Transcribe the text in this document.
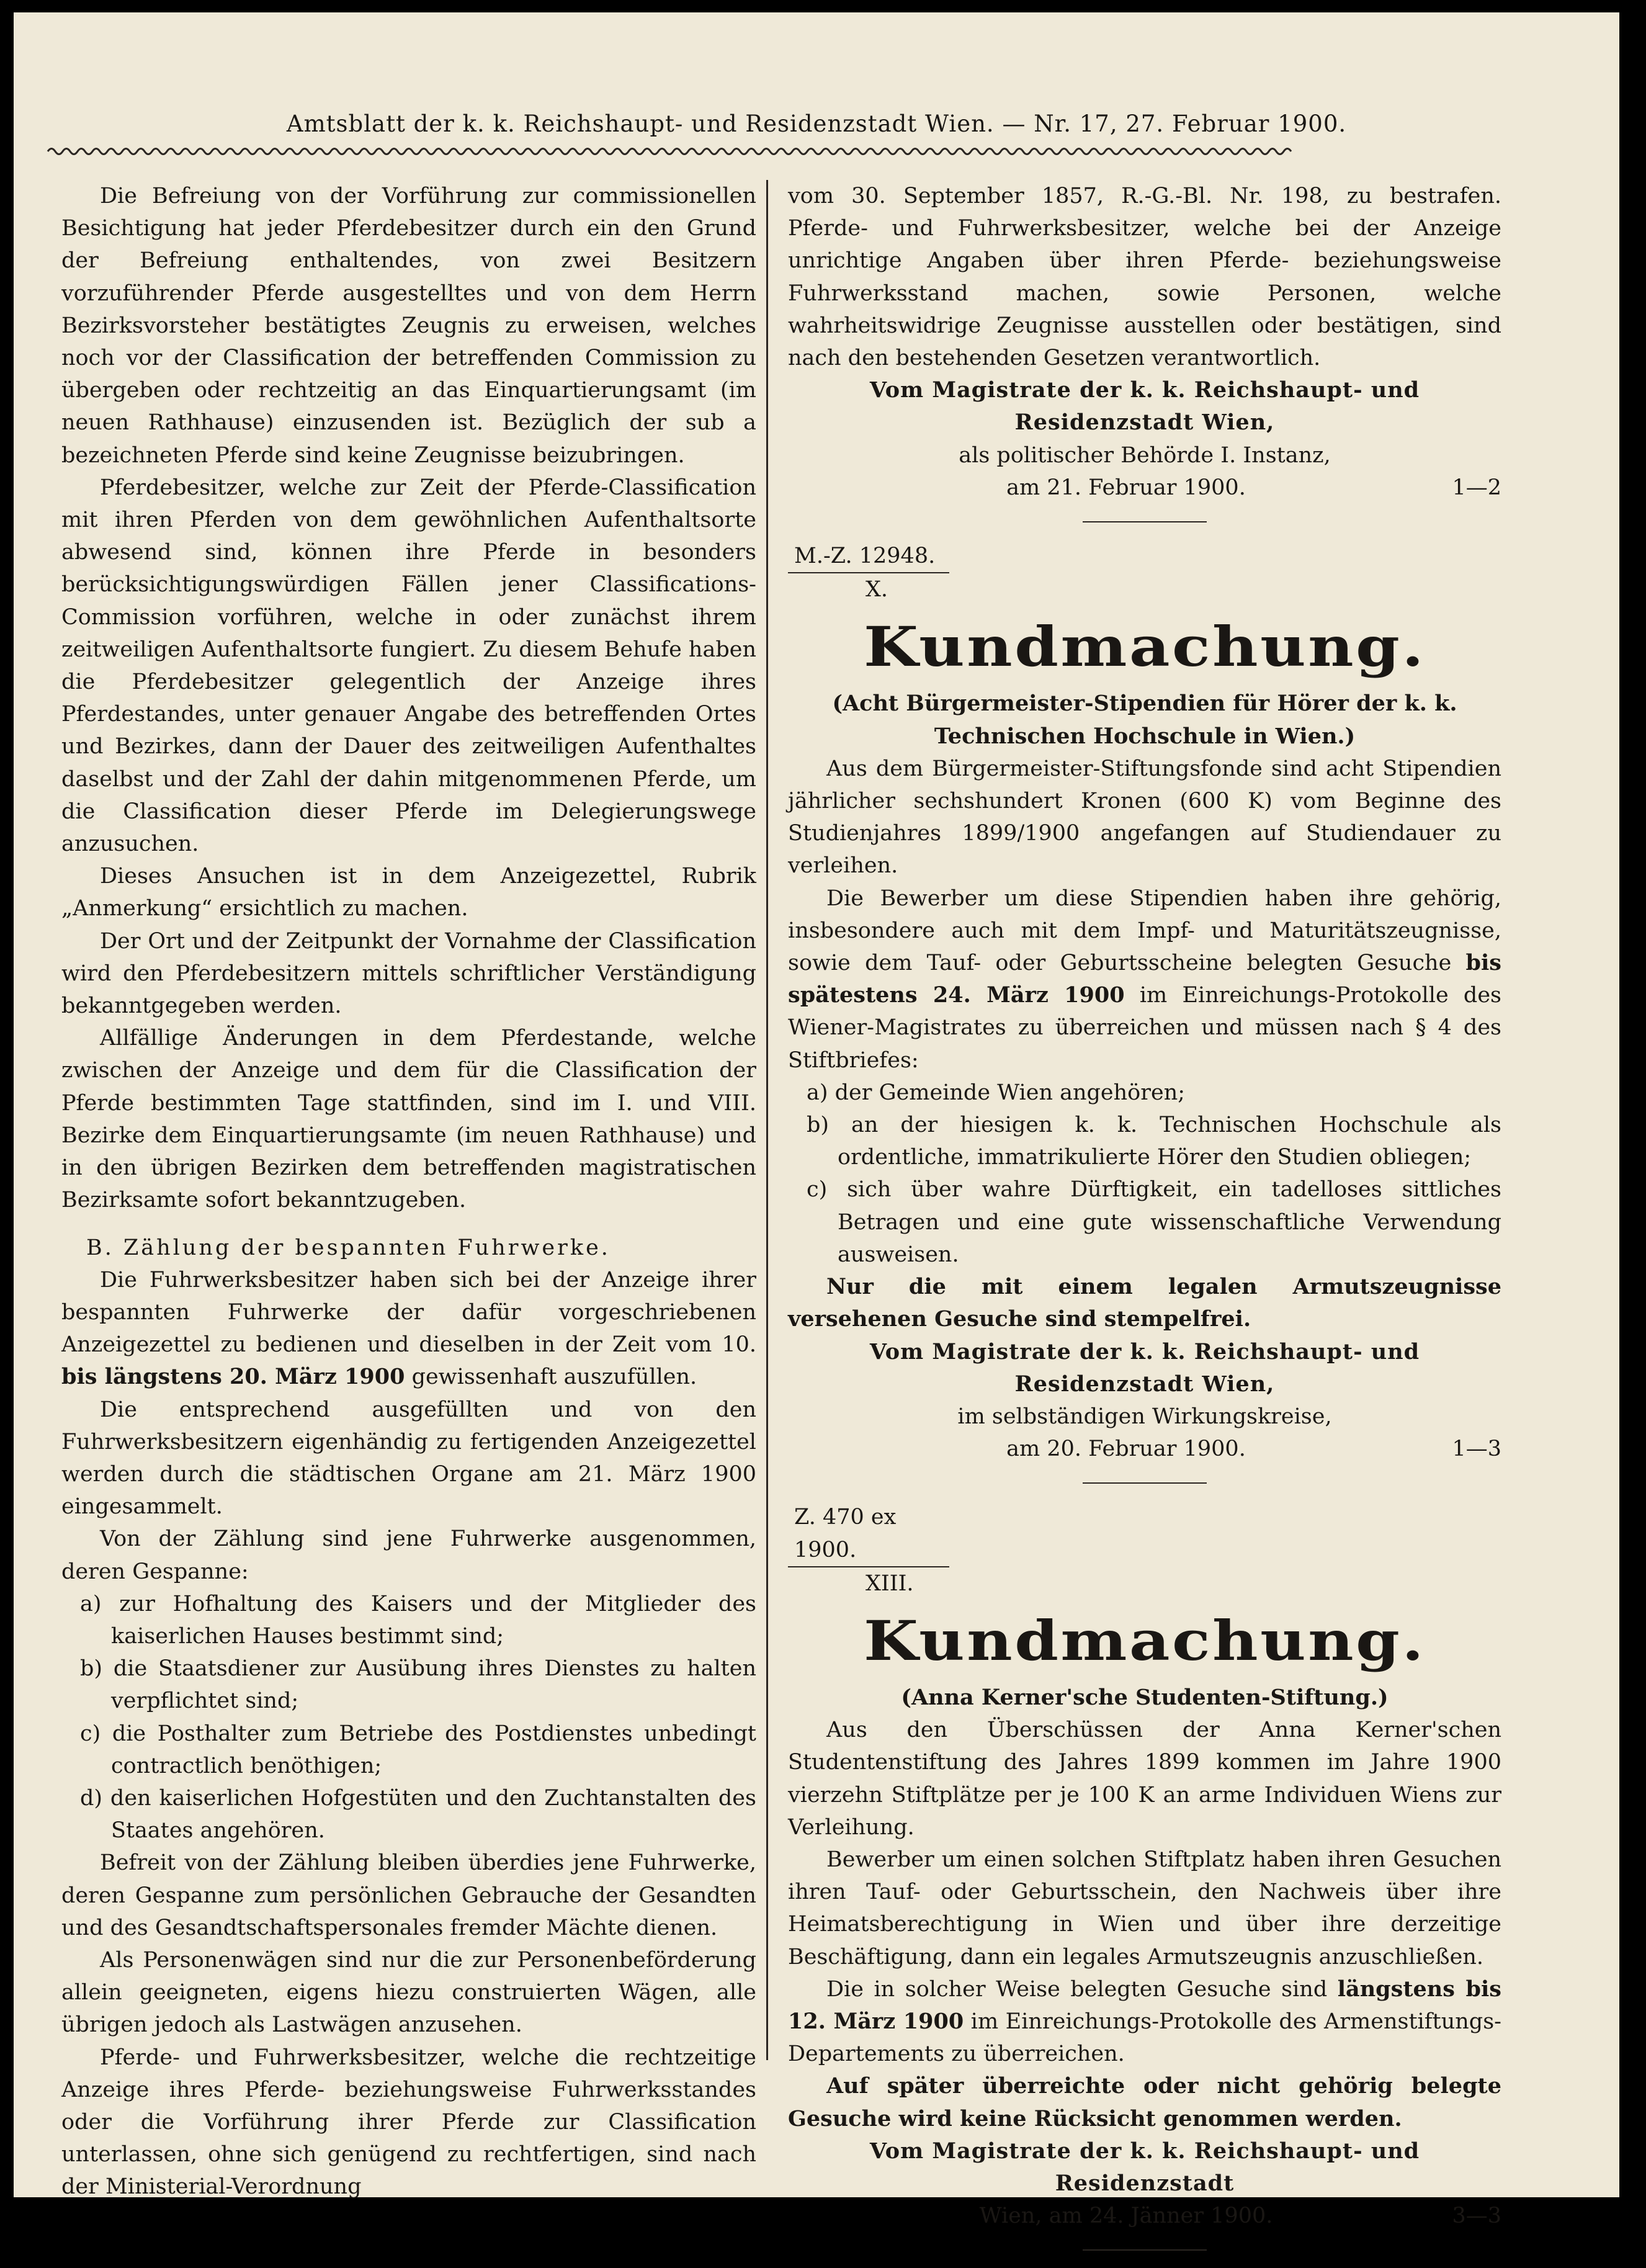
Amtsblatt der k. k. Reichshaupt- und Residenzstadt Wien. — Nr. 17, 27. Februar 1900.

Die Befreiung von der Vorführung zur commissionellen Besichtigung hat jeder Pferdebesitzer durch ein den Grund der Befreiung enthaltendes, von zwei Besitzern vorzuführender Pferde ausgestelltes und von dem Herrn Bezirksvorsteher bestätigtes Zeugnis zu erweisen, welches noch vor der Classification der betreffenden Commission zu übergeben oder rechtzeitig an das Einquartierungsamt (im neuen Rathhause) einzusenden ist. Bezüglich der sub a bezeichneten Pferde sind keine Zeugnisse beizubringen.

Pferdebesitzer, welche zur Zeit der Pferde-Classification mit ihren Pferden von dem gewöhnlichen Aufenthaltsorte abwesend sind, können ihre Pferde in besonders berücksichtigungswürdigen Fällen jener Classifications-Commission vorführen, welche in oder zunächst ihrem zeitweiligen Aufenthaltsorte fungiert. Zu diesem Behufe haben die Pferdebesitzer gelegentlich der Anzeige ihres Pferdestandes, unter genauer Angabe des betreffenden Ortes und Bezirkes, dann der Dauer des zeitweiligen Aufenthaltes daselbst und der Zahl der dahin mitgenommenen Pferde, um die Classification dieser Pferde im Delegierungswege anzusuchen.

Dieses Ansuchen ist in dem Anzeigezettel, Rubrik „Anmerkung“ ersichtlich zu machen.

Der Ort und der Zeitpunkt der Vornahme der Classification wird den Pferdebesitzern mittels schriftlicher Verständigung bekanntgegeben werden.

Allfällige Änderungen in dem Pferdestande, welche zwischen der Anzeige und dem für die Classification der Pferde bestimmten Tage stattfinden, sind im I. und VIII. Bezirke dem Einquartierungsamte (im neuen Rathhause) und in den übrigen Bezirken dem betreffenden magistratischen Bezirksamte sofort bekanntzugeben.

B. Zählung der bespannten Fuhrwerke.

Die Fuhrwerksbesitzer haben sich bei der Anzeige ihrer bespannten Fuhrwerke der dafür vorgeschriebenen Anzeigezettel zu bedienen und dieselben in der Zeit vom 10. bis längstens 20. März 1900 gewissenhaft auszufüllen.

Die entsprechend ausgefüllten und von den Fuhrwerksbesitzern eigenhändig zu fertigenden Anzeigezettel werden durch die städtischen Organe am 21. März 1900 eingesammelt.

Von der Zählung sind jene Fuhrwerke ausgenommen, deren Gespanne:

a) zur Hofhaltung des Kaisers und der Mitglieder des kaiserlichen Hauses bestimmt sind;

b) die Staatsdiener zur Ausübung ihres Dienstes zu halten verpflichtet sind;

c) die Posthalter zum Betriebe des Postdienstes unbedingt contractlich benöthigen;

d) den kaiserlichen Hofgestüten und den Zuchtanstalten des Staates angehören.

Befreit von der Zählung bleiben überdies jene Fuhrwerke, deren Gespanne zum persönlichen Gebrauche der Gesandten und des Gesandtschaftspersonales fremder Mächte dienen.

Als Personenwägen sind nur die zur Personenbeförderung allein geeigneten, eigens hiezu construierten Wägen, alle übrigen jedoch als Lastwägen anzusehen.

Pferde- und Fuhrwerksbesitzer, welche die rechtzeitige Anzeige ihres Pferde- beziehungsweise Fuhrwerksstandes oder die Vorführung ihrer Pferde zur Classification unterlassen, ohne sich genügend zu rechtfertigen, sind nach der Ministerial-Verordnung

vom 30. September 1857, R.-G.-Bl. Nr. 198, zu bestrafen. Pferde- und Fuhrwerksbesitzer, welche bei der Anzeige unrichtige Angaben über ihren Pferde- beziehungsweise Fuhrwerksstand machen, sowie Personen, welche wahrheitswidrige Zeugnisse ausstellen oder bestätigen, sind nach den bestehenden Gesetzen verantwortlich.

Vom Magistrate der k. k. Reichshaupt- und Residenzstadt Wien,

als politischer Behörde I. Instanz,

am 21. Februar 1900.	1—2
M.-Z. 12948.
X.
Kundmachung.

(Acht Bürgermeister-Stipendien für Hörer der k. k. Technischen Hochschule in Wien.)

Aus dem Bürgermeister-Stiftungsfonde sind acht Stipendien jährlicher sechshundert Kronen (600 K) vom Beginne des Studienjahres 1899/1900 angefangen auf Studiendauer zu verleihen.

Die Bewerber um diese Stipendien haben ihre gehörig, insbesondere auch mit dem Impf- und Maturitätszeugnisse, sowie dem Tauf- oder Geburtsscheine belegten Gesuche bis spätestens 24. März 1900 im Einreichungs-Protokolle des Wiener-Magistrates zu überreichen und müssen nach § 4 des Stiftbriefes:

a) der Gemeinde Wien angehören;

b) an der hiesigen k. k. Technischen Hochschule als ordentliche, immatrikulierte Hörer den Studien obliegen;

c) sich über wahre Dürftigkeit, ein tadelloses sittliches Betragen und eine gute wissenschaftliche Verwendung ausweisen.

Nur die mit einem legalen Armutszeugnisse versehenen Gesuche sind stempelfrei.

Vom Magistrate der k. k. Reichshaupt- und Residenzstadt Wien,

im selbständigen Wirkungskreise,

am 20. Februar 1900.	1—3
Z. 470 ex 1900.
XIII.
Kundmachung.

(Anna Kerner'sche Studenten-Stiftung.)

Aus den Überschüssen der Anna Kerner'schen Studentenstiftung des Jahres 1899 kommen im Jahre 1900 vierzehn Stiftplätze per je 100 K an arme Individuen Wiens zur Verleihung.

Bewerber um einen solchen Stiftplatz haben ihren Gesuchen ihren Tauf- oder Geburtsschein, den Nachweis über ihre Heimatsberechtigung in Wien und über ihre derzeitige Beschäftigung, dann ein legales Armutszeugnis anzuschließen.

Die in solcher Weise belegten Gesuche sind längstens bis 12. März 1900 im Einreichungs-Protokolle des Armenstiftungs-Departements zu überreichen.

Auf später überreichte oder nicht gehörig belegte Gesuche wird keine Rücksicht genommen werden.

Vom Magistrate der k. k. Reichshaupt- und Residenzstadt

Wien, am 24. Jänner 1900.	3—3
